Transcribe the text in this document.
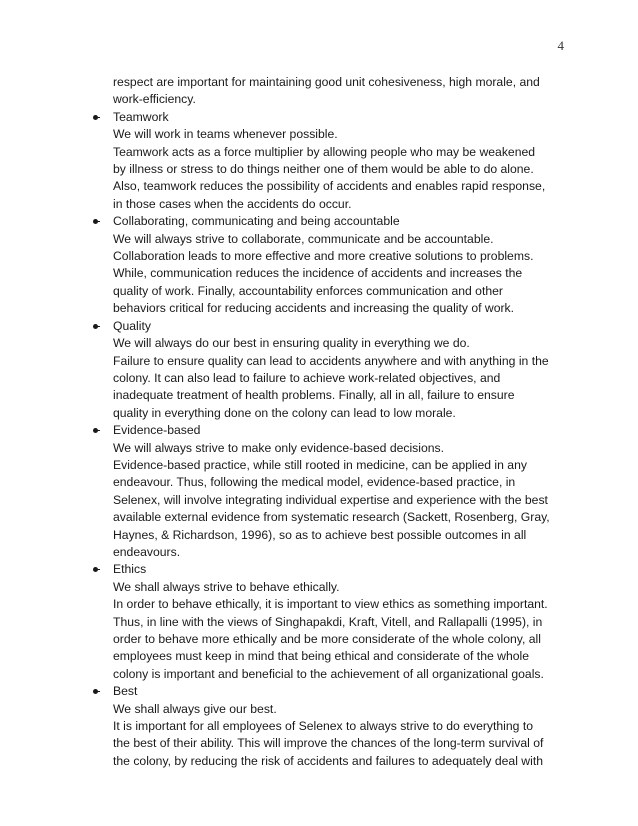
4
respect are important for maintaining good unit cohesiveness, high morale, and
work-efficiency.
Teamwork
We will work in teams whenever possible.
Teamwork acts as a force multiplier by allowing people who may be weakened
by illness or stress to do things neither one of them would be able to do alone.
Also, teamwork reduces the possibility of accidents and enables rapid response,
in those cases when the accidents do occur.
Collaborating, communicating and being accountable
We will always strive to collaborate, communicate and be accountable.
Collaboration leads to more effective and more creative solutions to problems.
While, communication reduces the incidence of accidents and increases the
quality of work. Finally, accountability enforces communication and other
behaviors critical for reducing accidents and increasing the quality of work.
Quality
We will always do our best in ensuring quality in everything we do.
Failure to ensure quality can lead to accidents anywhere and with anything in the
colony. It can also lead to failure to achieve work-related objectives, and
inadequate treatment of health problems. Finally, all in all, failure to ensure
quality in everything done on the colony can lead to low morale.
Evidence-based
We will always strive to make only evidence-based decisions.
Evidence-based practice, while still rooted in medicine, can be applied in any
endeavour. Thus, following the medical model, evidence-based practice, in
Selenex, will involve integrating individual expertise and experience with the best
available external evidence from systematic research (Sackett, Rosenberg, Gray,
Haynes, & Richardson, 1996), so as to achieve best possible outcomes in all
endeavours.
Ethics
We shall always strive to behave ethically.
In order to behave ethically, it is important to view ethics as something important.
Thus, in line with the views of Singhapakdi, Kraft, Vitell, and Rallapalli (1995), in
order to behave more ethically and be more considerate of the whole colony, all
employees must keep in mind that being ethical and considerate of the whole
colony is important and beneficial to the achievement of all organizational goals.
Best
We shall always give our best.
It is important for all employees of Selenex to always strive to do everything to
the best of their ability. This will improve the chances of the long-term survival of
the colony, by reducing the risk of accidents and failures to adequately deal with
